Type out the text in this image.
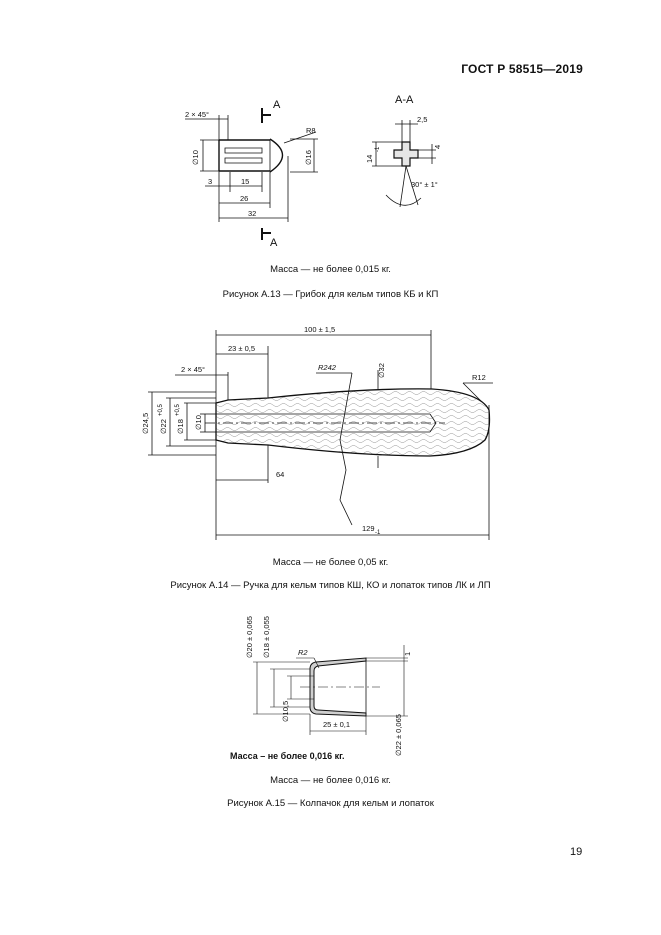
ГОСТ Р 58515—2019
2 × 45°
R8
∅10	∅16
3	15
26
32
A
A
А-А
2,5
4
14
-1
30° ± 1°
Масса — не более 0,015 кг.
Рисунок А.13 — Грибок для кельм типов КБ и КП
100 ± 1,5
23 ± 0,5
2 × 45°	R242	∅32	R12
∅24,5 ∅22
+0,5
∅18
+0,5
∅10
64
129 -1
Масса — не более 0,05 кг.
Рисунок А.14 — Ручка для кельм типов КШ, КО и лопаток типов ЛК и ЛП
∅20 ± 0,065 ∅18 ± 0,055	R2
∅10,5
25 ± 0,1	∅22 ± 0,065
1
Масса – не более 0,016 кг.
Масса — не более 0,016 кг.
Рисунок А.15 — Колпачок для кельм и лопаток
19
